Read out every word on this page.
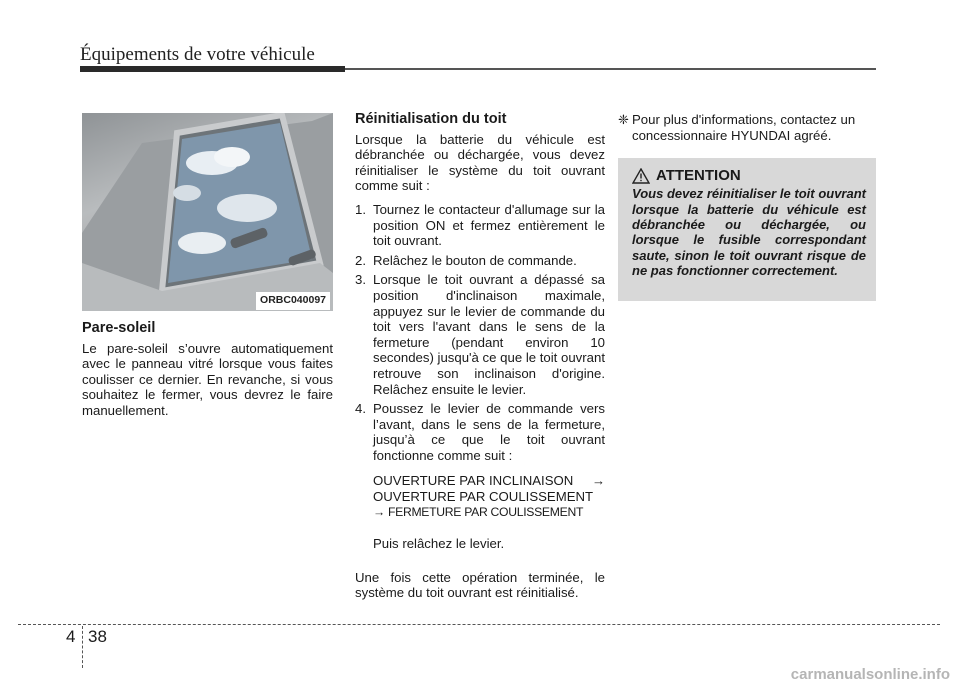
Équipements de votre véhicule
ORBC040097
Pare-soleil

Le pare-soleil s’ouvre automatiquement avec le panneau vitré lorsque vous faites coulisser ce dernier. En revanche, si vous souhaitez le fermer, vous devrez le faire manuellement.

Réinitialisation du toit

Lorsque la batterie du véhicule est débranchée ou déchargée, vous devez réinitialiser le système du toit ouvrant comme suit :

1. Tournez le contacteur d'allumage sur la position ON et fermez entièrement le toit ouvrant.
2. Relâchez le bouton de commande.
3. Lorsque le toit ouvrant a dépassé sa position d'inclinaison maximale, appuyez sur le levier de commande du toit vers l'avant dans le sens de la fermeture (pendant environ 10 secondes) jusqu'à ce que le toit ouvrant retrouve son inclinaison d'origine. Relâchez ensuite le levier.
4. Poussez le levier de commande vers l’avant, dans le sens de la fermeture, jusqu’à ce que le toit ouvrant fonctionne comme suit :
OUVERTURE PAR INCLINAISON →
OUVERTURE PAR COULISSEMENT
→ FERMETURE PAR COULISSEMENT
Puis relâchez le levier.

Une fois cette opération terminée, le système du toit ouvrant est réinitialisé.

❈ Pour plus d'informations, contactez un concessionnaire HYUNDAI agréé.
ATTENTION
Vous devez réinitialiser le toit ouvrant lorsque la batterie du véhicule est débranchée ou déchargée, ou lorsque le fusible correspondant saute, sinon le toit ouvrant risque de ne pas fonctionner correctement.
4 38
carmanualsonline.info
